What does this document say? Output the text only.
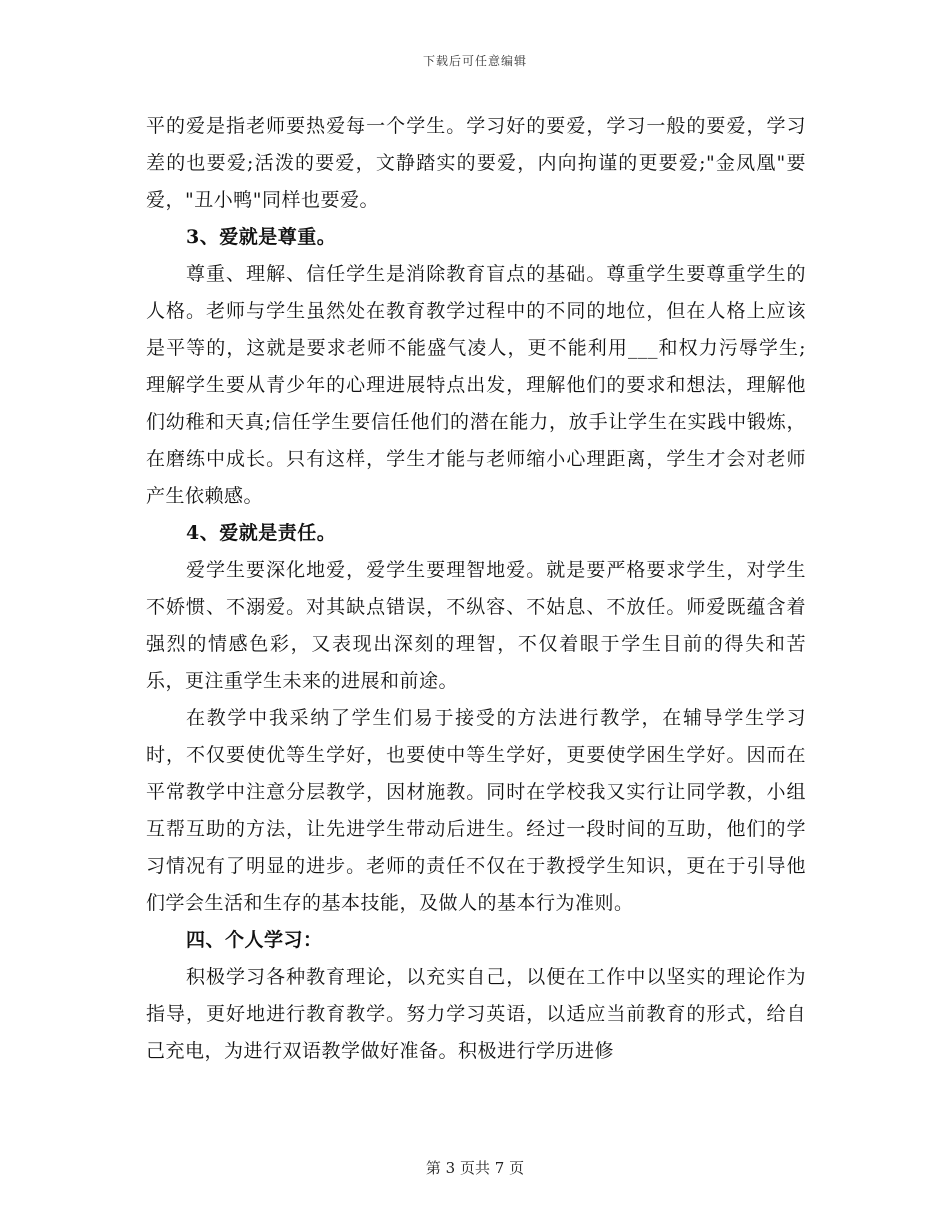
下载后可任意编辑

平的爱是指老师要热爱每一个学生。学习好的要爱，学习一般的要爱，学习差的也要爱;活泼的要爱，文静踏实的要爱，内向拘谨的更要爱;"金凤凰"要爱，"丑小鸭"同样也要爱。

3、爱就是尊重。

尊重、理解、信任学生是消除教育盲点的基础。尊重学生要尊重学生的人格。老师与学生虽然处在教育教学过程中的不同的地位，但在人格上应该是平等的，这就是要求老师不能盛气凌人，更不能利用___和权力污辱学生;理解学生要从青少年的心理进展特点出发，理解他们的要求和想法，理解他们幼稚和天真;信任学生要信任他们的潜在能力，放手让学生在实践中锻炼，在磨练中成长。只有这样，学生才能与老师缩小心理距离，学生才会对老师产生依赖感。

4、爱就是责任。

爱学生要深化地爱，爱学生要理智地爱。就是要严格要求学生，对学生不娇惯、不溺爱。对其缺点错误，不纵容、不姑息、不放任。师爱既蕴含着强烈的情感色彩，又表现出深刻的理智，不仅着眼于学生目前的得失和苦乐，更注重学生未来的进展和前途。

在教学中我采纳了学生们易于接受的方法进行教学，在辅导学生学习时，不仅要使优等生学好，也要使中等生学好，更要使学困生学好。因而在平常教学中注意分层教学，因材施教。同时在学校我又实行让同学教，小组互帮互助的方法，让先进学生带动后进生。经过一段时间的互助，他们的学习情况有了明显的进步。老师的责任不仅在于教授学生知识，更在于引导他们学会生活和生存的基本技能，及做人的基本行为准则。

四、个人学习：

积极学习各种教育理论，以充实自己，以便在工作中以坚实的理论作为指导，更好地进行教育教学。努力学习英语，以适应当前教育的形式，给自己充电，为进行双语教学做好准备。积极进行学历进修

第 3 页共 7 页
